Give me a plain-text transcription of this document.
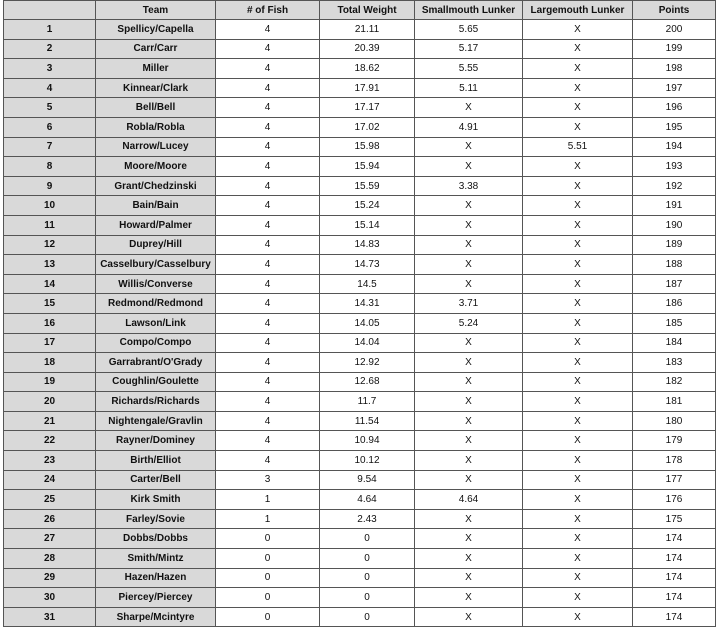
	Team	# of Fish	Total Weight	Smallmouth Lunker	Largemouth Lunker	Points
1	Spellicy/Capella	4	21.11	5.65	X	200
2	Carr/Carr	4	20.39	5.17	X	199
3	Miller	4	18.62	5.55	X	198
4	Kinnear/Clark	4	17.91	5.11	X	197
5	Bell/Bell	4	17.17	X	X	196
6	Robla/Robla	4	17.02	4.91	X	195
7	Narrow/Lucey	4	15.98	X	5.51	194
8	Moore/Moore	4	15.94	X	X	193
9	Grant/Chedzinski	4	15.59	3.38	X	192
10	Bain/Bain	4	15.24	X	X	191
11	Howard/Palmer	4	15.14	X	X	190
12	Duprey/Hill	4	14.83	X	X	189
13	Casselbury/Casselbury	4	14.73	X	X	188
14	Willis/Converse	4	14.5	X	X	187
15	Redmond/Redmond	4	14.31	3.71	X	186
16	Lawson/Link	4	14.05	5.24	X	185
17	Compo/Compo	4	14.04	X	X	184
18	Garrabrant/O'Grady	4	12.92	X	X	183
19	Coughlin/Goulette	4	12.68	X	X	182
20	Richards/Richards	4	11.7	X	X	181
21	Nightengale/Gravlin	4	11.54	X	X	180
22	Rayner/Dominey	4	10.94	X	X	179
23	Birth/Elliot	4	10.12	X	X	178
24	Carter/Bell	3	9.54	X	X	177
25	Kirk Smith	1	4.64	4.64	X	176
26	Farley/Sovie	1	2.43	X	X	175
27	Dobbs/Dobbs	0	0	X	X	174
28	Smith/Mintz	0	0	X	X	174
29	Hazen/Hazen	0	0	X	X	174
30	Piercey/Piercey	0	0	X	X	174
31	Sharpe/Mcintyre	0	0	X	X	174
